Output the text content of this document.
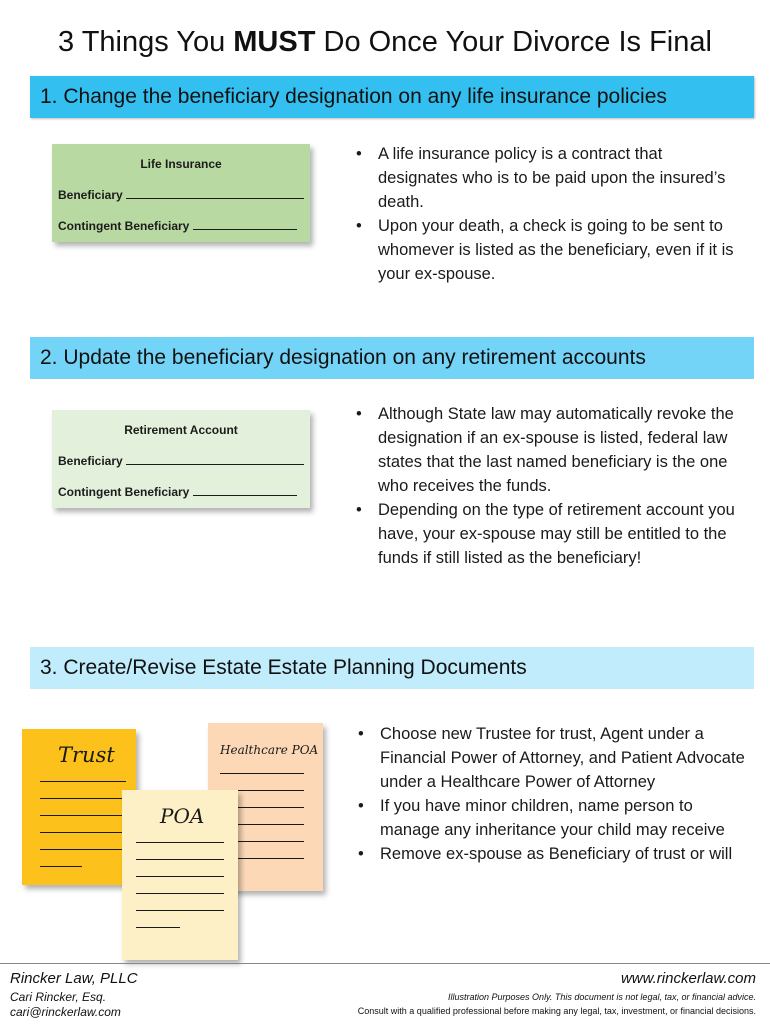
3 Things You MUST Do Once Your Divorce Is Final
1. Change the beneficiary designation on any life insurance policies
Life Insurance
Beneficiary
Contingent Beneficiary
• A life insurance policy is a contract that designates who is to be paid upon the insured’s death.
• Upon your death, a check is going to be sent to whomever is listed as the beneficiary, even if it is your ex-spouse.
2. Update the beneficiary designation on any retirement accounts
Retirement Account
Beneficiary
Contingent Beneficiary
• Although State law may automatically revoke the designation if an ex-spouse is listed, federal law states that the last named beneficiary is the one who receives the funds.
• Depending on the type of retirement account you have, your ex-spouse may still be entitled to the funds if still listed as the beneficiary!
3. Create/Revise Estate Estate Planning Documents
Trust	Healthcare POA
POA
• Choose new Trustee for trust, Agent under a Financial Power of Attorney, and Patient Advocate under a Healthcare Power of Attorney
• If you have minor children, name person to manage any inheritance your child may receive
• Remove ex-spouse as Beneficiary of trust or will
Rincker Law, PLLC
Cari Rincker, Esq.
cari@rinckerlaw.com
www.rinckerlaw.com
Illustration Purposes Only. This document is not legal, tax, or financial advice.
Consult with a qualified professional before making any legal, tax, investment, or financial decisions.
